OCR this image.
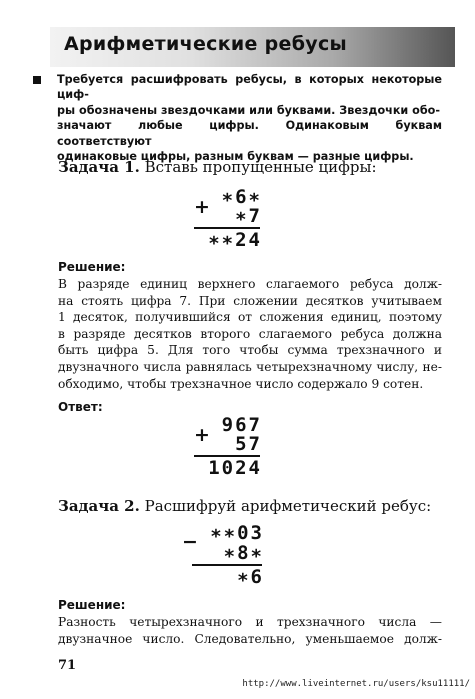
Арифметические ребусы
Требуется расшифровать ребусы, в которых некоторые циф-
ры обозначены звездочками или буквами. Звездочки обо-
значают любые цифры. Одинаковым буквам соответствуют
одинаковые цифры, разным буквам — разные цифры.
Задача 1. Вставь пропущенные цифры:
+ ∗6∗
∗7
∗∗24
Решение:
В разряде единиц верхнего слагаемого ребуса долж-
на стоять цифра 7. При сложении десятков учитываем
1 десяток, получившийся от сложения единиц, поэтому
в разряде десятков второго слагаемого ребуса должна
быть цифра 5. Для того чтобы сумма трехзначного и
двузначного числа равнялась четырехзначному числу, не-
обходимо, чтобы трехзначное число содержало 9 сотен.
Ответ:
+ 967
57
1024
Задача 2. Расшифруй арифметический ребус:
− ∗∗03
∗8∗
∗6
Решение:
Разность четырехзначного и трехзначного числа —
двузначное число. Следовательно, уменьшаемое долж-
71
http://www.liveinternet.ru/users/ksu11111/
